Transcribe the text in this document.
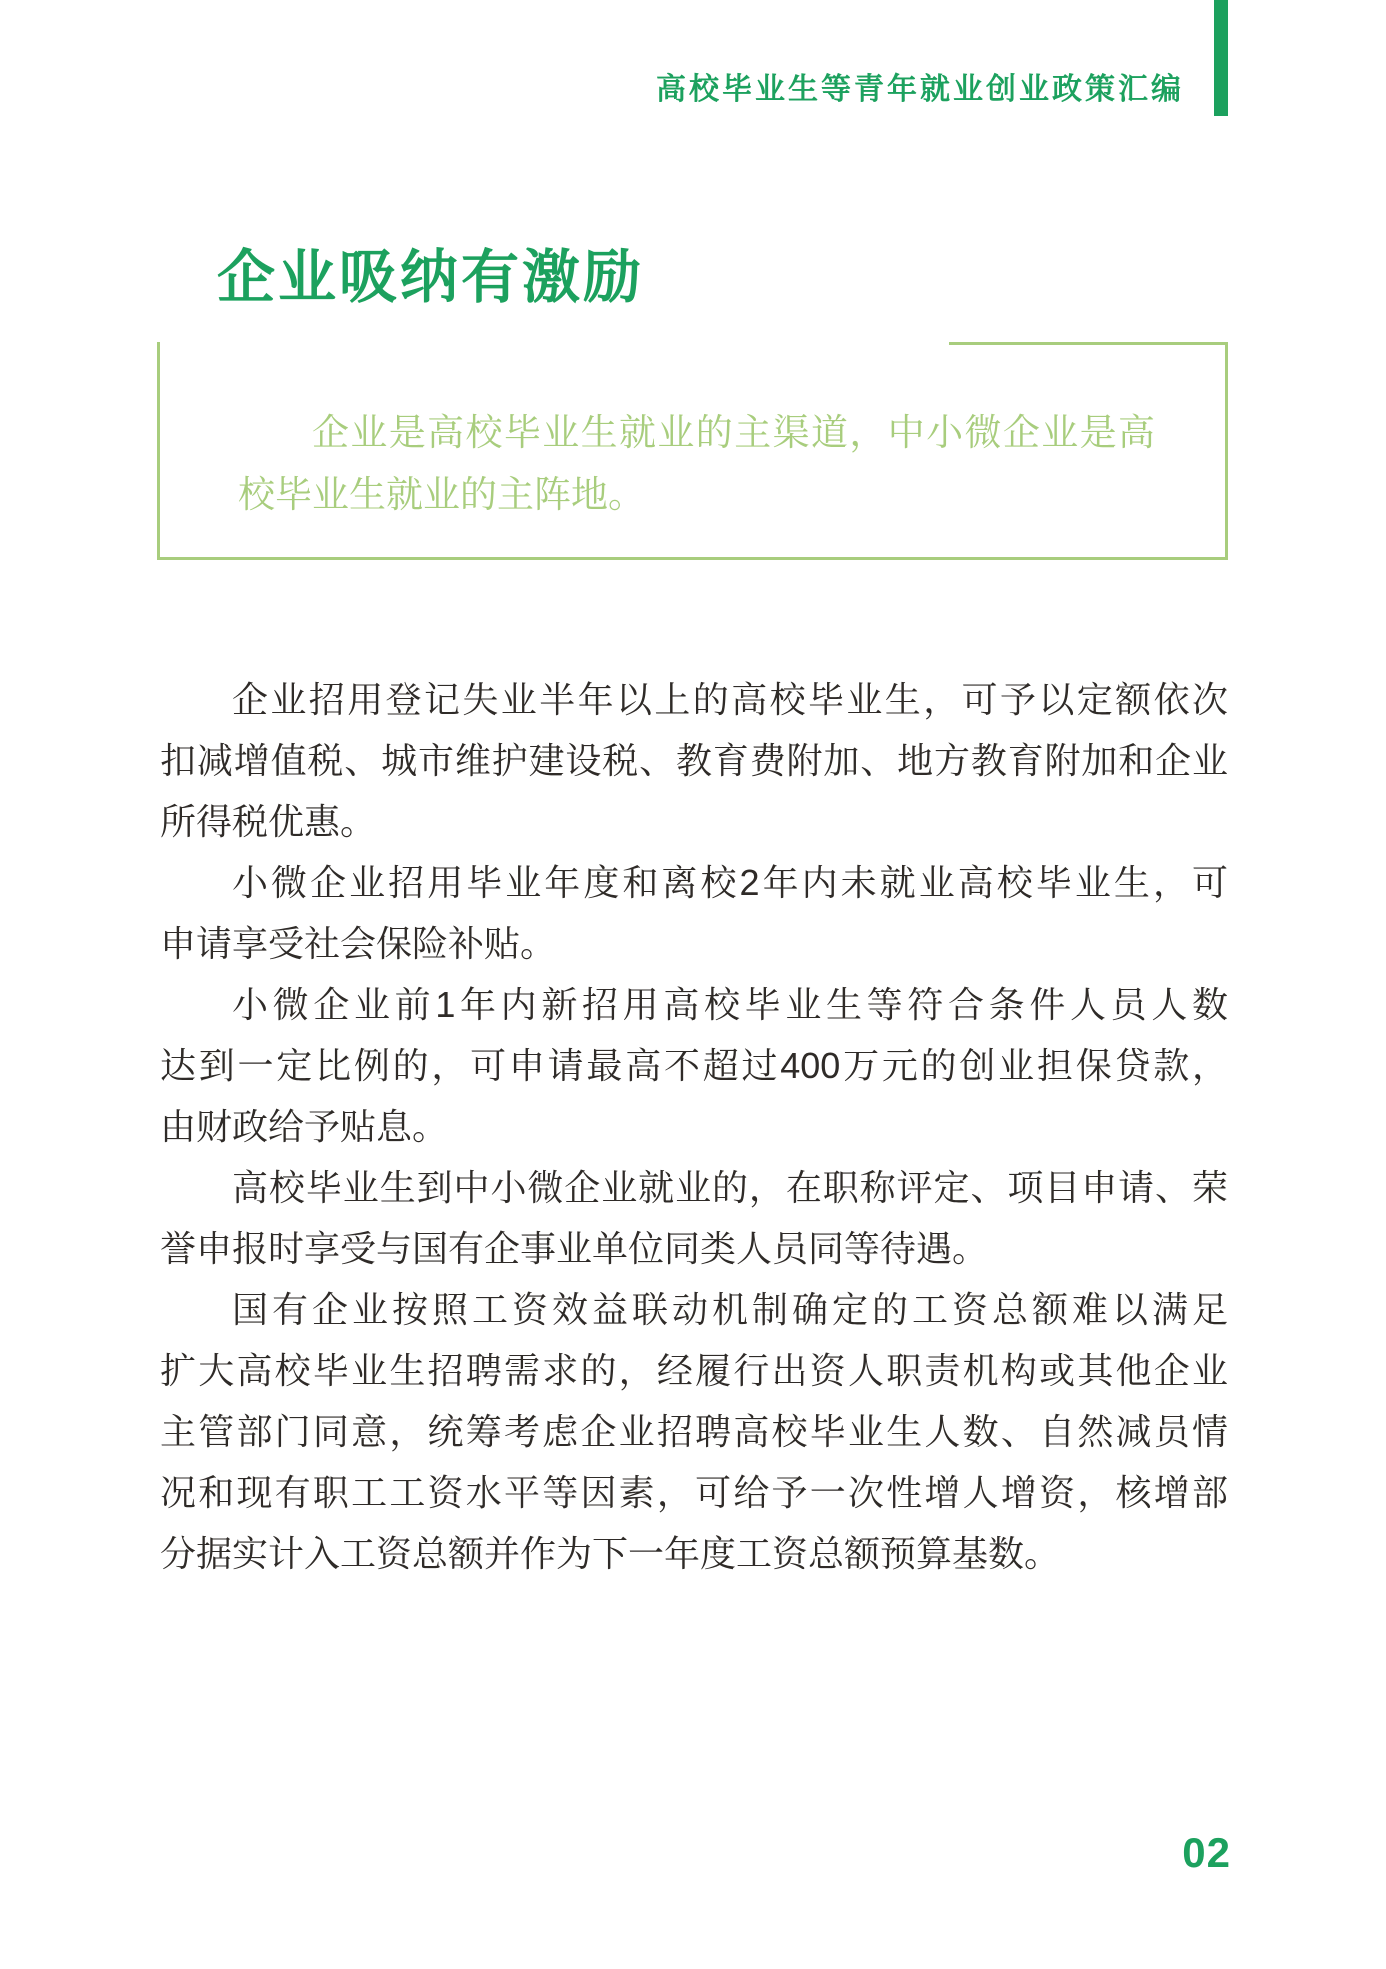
高校毕业生等青年就业创业政策汇编
企业吸纳有激励
企业是高校毕业生就业的主渠道，中小微企业是高
校毕业生就业的主阵地。
企业招用登记失业半年以上的高校毕业生，可予以定额依次
扣减增值税、城市维护建设税、教育费附加、地方教育附加和企业
所得税优惠。
小微企业招用毕业年度和离校2年内未就业高校毕业生，可
申请享受社会保险补贴。
小微企业前1年内新招用高校毕业生等符合条件人员人数
达到一定比例的，可申请最高不超过400万元的创业担保贷款，
由财政给予贴息。
高校毕业生到中小微企业就业的，在职称评定、项目申请、荣
誉申报时享受与国有企事业单位同类人员同等待遇。
国有企业按照工资效益联动机制确定的工资总额难以满足
扩大高校毕业生招聘需求的，经履行出资人职责机构或其他企业
主管部门同意，统筹考虑企业招聘高校毕业生人数、自然减员情
况和现有职工工资水平等因素，可给予一次性增人增资，核增部
分据实计入工资总额并作为下一年度工资总额预算基数。
02
